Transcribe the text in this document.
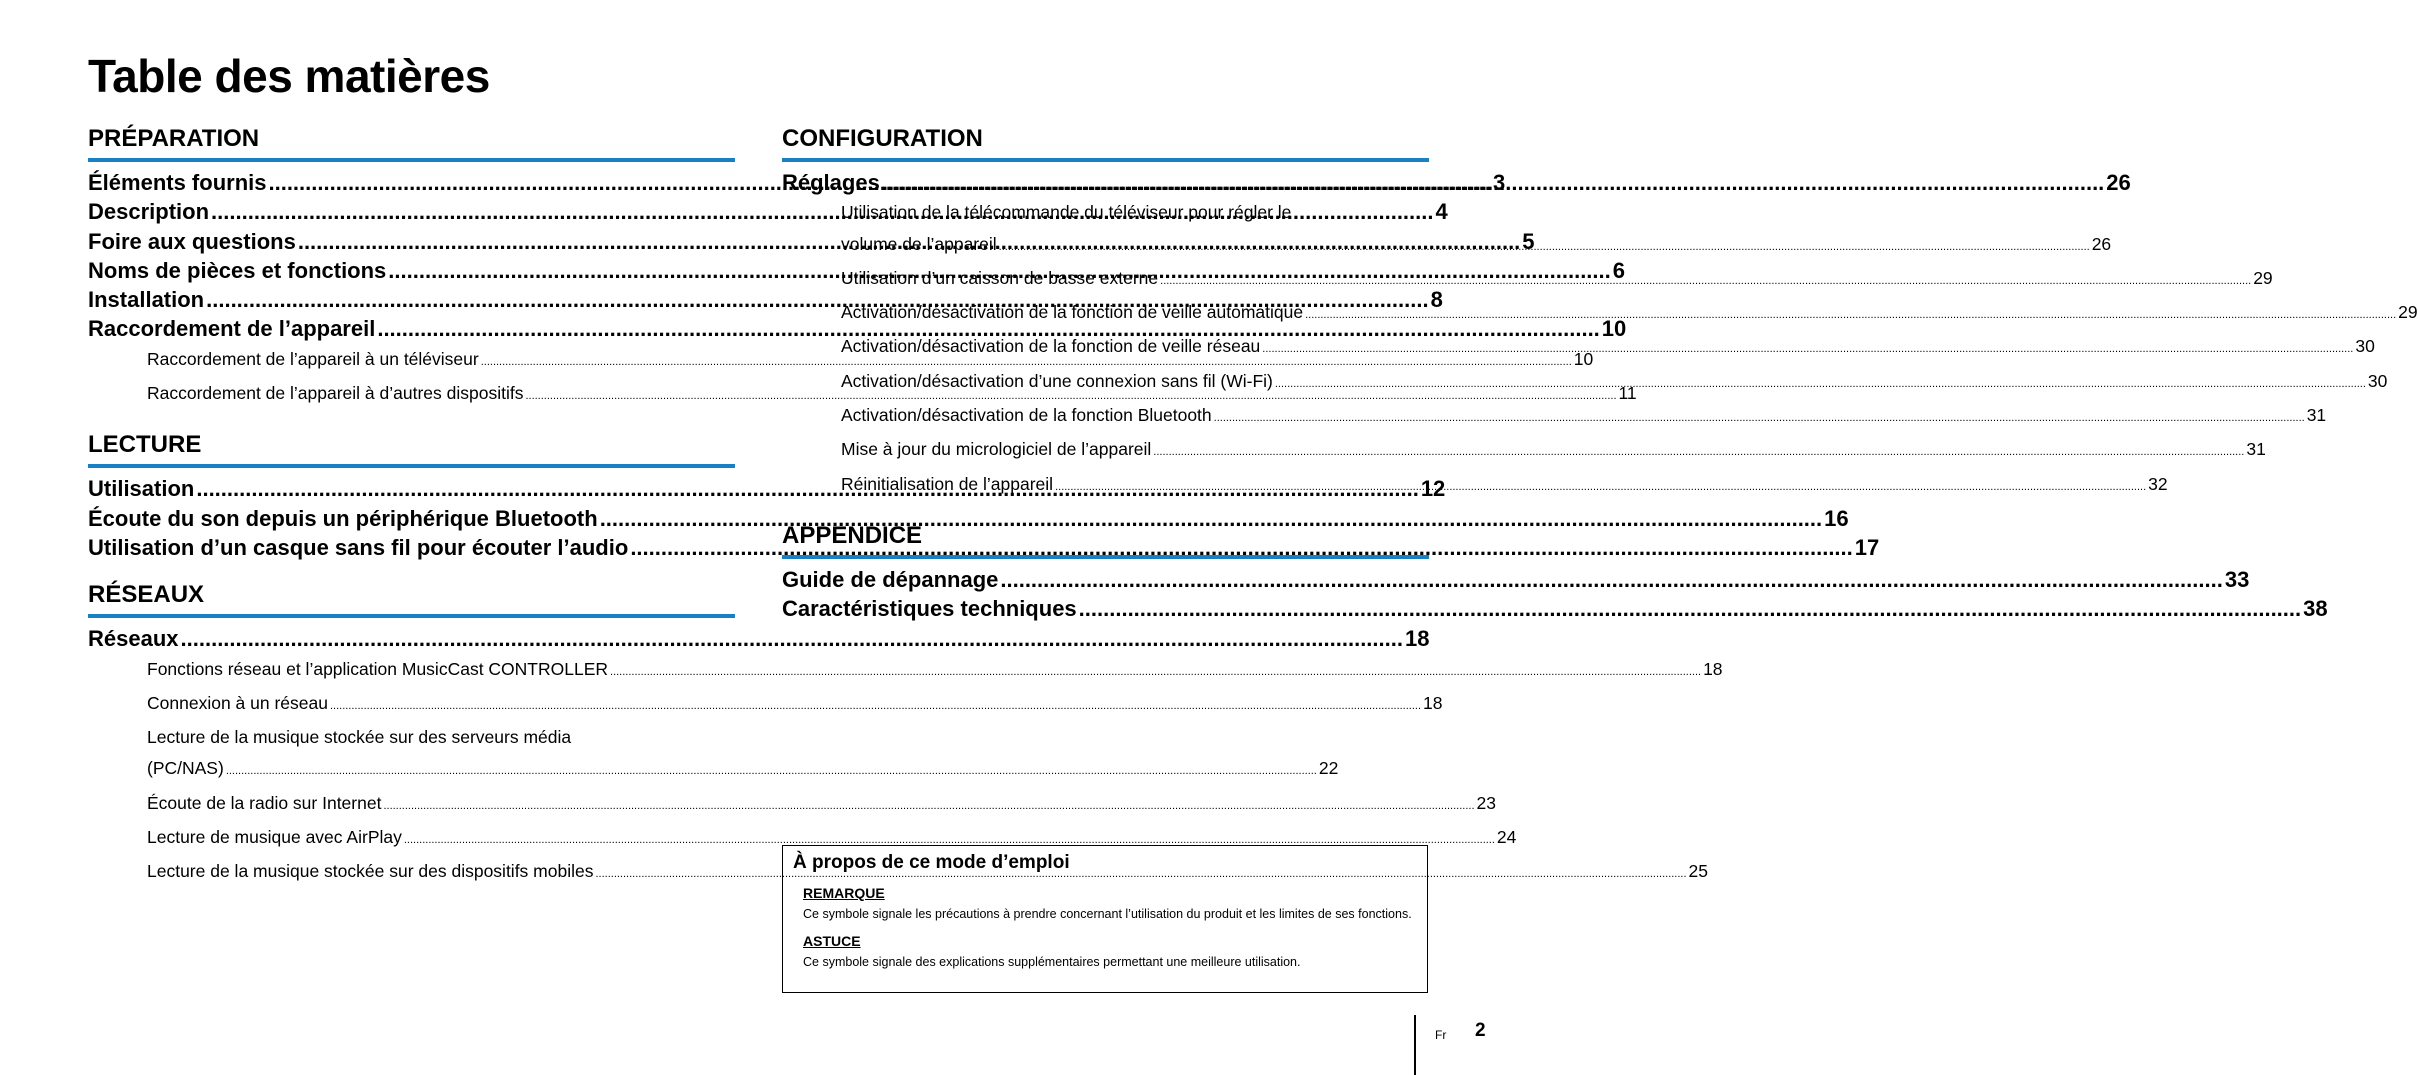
Table des matières
PRÉPARATION
Éléments fournis .....	3
Description .....	4
Foire aux questions .....	5
Noms de pièces et fonctions .....	6
Installation .....	8
Raccordement de l’appareil .....	10
Raccordement de l’appareil à un téléviseur .....	10
Raccordement de l’appareil à d’autres dispositifs .....	11
LECTURE
Utilisation .....	12
Écoute du son depuis un périphérique Bluetooth .....	16
Utilisation d’un casque sans fil pour écouter l’audio .....	17
RÉSEAUX
Réseaux .....	18
Fonctions réseau et l’application MusicCast CONTROLLER .....	18
Connexion à un réseau .....	18
Lecture de la musique stockée sur des serveurs média
(PC/NAS) .....	22
Écoute de la radio sur Internet .....	23
Lecture de musique avec AirPlay .....	24
Lecture de la musique stockée sur des dispositifs mobiles .....	25
CONFIGURATION
Réglages .....	26
Utilisation de la télécommande du téléviseur pour régler le
volume de l’appareil .....	26
Utilisation d’un caisson de basse externe .....	29
Activation/désactivation de la fonction de veille automatique .....	29
Activation/désactivation de la fonction de veille réseau .....	30
Activation/désactivation d’une connexion sans fil (Wi-Fi) .....	30
Activation/désactivation de la fonction Bluetooth .....	31
Mise à jour du micrologiciel de l’appareil .....	31
Réinitialisation de l’appareil .....	32
APPENDICE
Guide de dépannage .....	33
Caractéristiques techniques .....	38
À propos de ce mode d’emploi
REMARQUE
Ce symbole signale les précautions à prendre concernant l’utilisation du produit et les limites de ses fonctions.
ASTUCE
Ce symbole signale des explications supplémentaires permettant une meilleure utilisation.
Fr 2
